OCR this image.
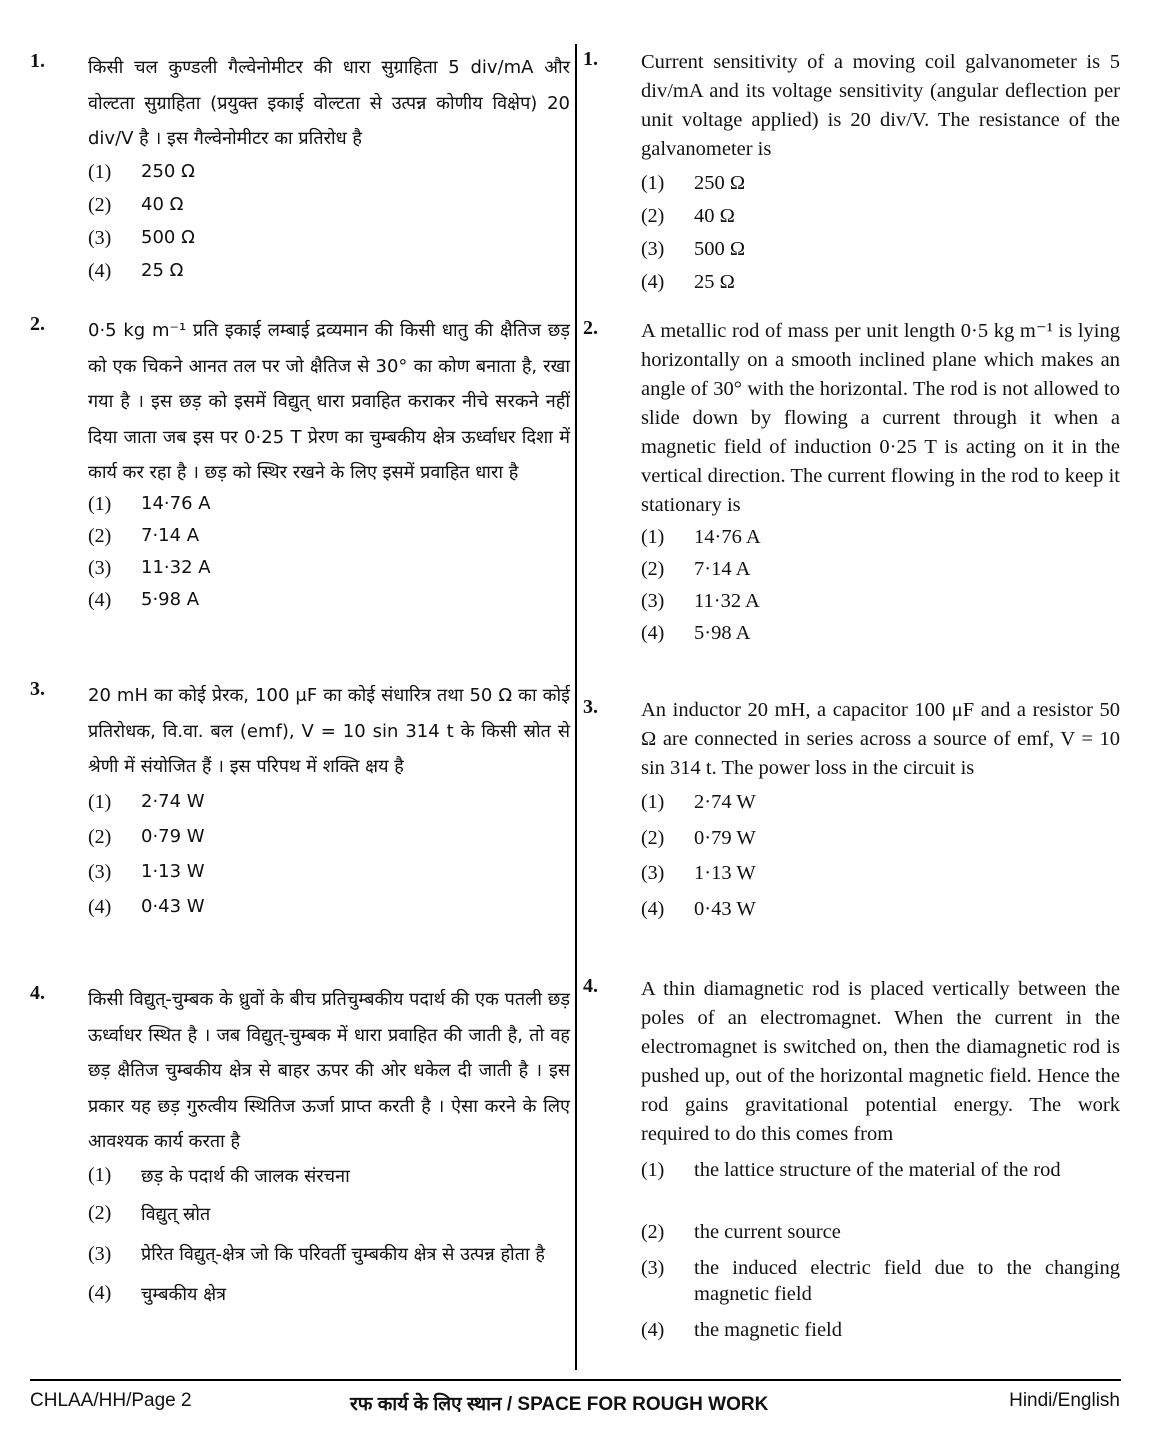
1. किसी चल कुण्डली गैल्वेनोमीटर की धारा सुग्राहिता 5 div/mA और वोल्टता सुग्राहिता (प्रयुक्त इकाई वोल्टता से उत्पन्न कोणीय विक्षेप) 20 div/V है । इस गैल्वेनोमीटर का प्रतिरोध है
(1)	250 Ω
(2)	40 Ω
(3)	500 Ω
(4)	25 Ω
2. 0·5 kg m⁻¹ प्रति इकाई लम्बाई द्रव्यमान की किसी धातु की क्षैतिज छड़ को एक चिकने आनत तल पर जो क्षैतिज से 30° का कोण बनाता है, रखा गया है । इस छड़ को इसमें विद्युत् धारा प्रवाहित कराकर नीचे सरकने नहीं दिया जाता जब इस पर 0·25 T प्रेरण का चुम्बकीय क्षेत्र ऊर्ध्वाधर दिशा में कार्य कर रहा है । छड़ को स्थिर रखने के लिए इसमें प्रवाहित धारा है
(1)	14·76 A
(2)	7·14 A
(3)	11·32 A
(4)	5·98 A
3. 20 mH का कोई प्रेरक, 100 μF का कोई संधारित्र तथा 50 Ω का कोई प्रतिरोधक, वि.वा. बल (emf), V = 10 sin 314 t के किसी स्रोत से श्रेणी में संयोजित हैं । इस परिपथ में शक्ति क्षय है
(1)	2·74 W
(2)	0·79 W
(3)	1·13 W
(4)	0·43 W
4. किसी विद्युत्-चुम्बक के ध्रुवों के बीच प्रतिचुम्बकीय पदार्थ की एक पतली छड़ ऊर्ध्वाधर स्थित है । जब विद्युत्-चुम्बक में धारा प्रवाहित की जाती है, तो वह छड़ क्षैतिज चुम्बकीय क्षेत्र से बाहर ऊपर की ओर धकेल दी जाती है । इस प्रकार यह छड़ गुरुत्वीय स्थितिज ऊर्जा प्राप्त करती है । ऐसा करने के लिए आवश्यक कार्य करता है
(1)	छड़ के पदार्थ की जालक संरचना
(2)	विद्युत् स्रोत
(3)	प्रेरित विद्युत्-क्षेत्र जो कि परिवर्ती चुम्बकीय क्षेत्र से उत्पन्न होता है
(4)	चुम्बकीय क्षेत्र
1. Current sensitivity of a moving coil galvanometer is 5 div/mA and its voltage sensitivity (angular deflection per unit voltage applied) is 20 div/V. The resistance of the galvanometer is
(1)	250 Ω
(2)	40 Ω
(3)	500 Ω
(4)	25 Ω
2. A metallic rod of mass per unit length 0·5 kg m⁻¹ is lying horizontally on a smooth inclined plane which makes an angle of 30° with the horizontal. The rod is not allowed to slide down by flowing a current through it when a magnetic field of induction 0·25 T is acting on it in the vertical direction. The current flowing in the rod to keep it stationary is
(1)	14·76 A
(2)	7·14 A
(3)	11·32 A
(4)	5·98 A
3. An inductor 20 mH, a capacitor 100 μF and a resistor 50 Ω are connected in series across a source of emf, V = 10 sin 314 t. The power loss in the circuit is
(1)	2·74 W
(2)	0·79 W
(3)	1·13 W
(4)	0·43 W
4. A thin diamagnetic rod is placed vertically between the poles of an electromagnet. When the current in the electromagnet is switched on, then the diamagnetic rod is pushed up, out of the horizontal magnetic field. Hence the rod gains gravitational potential energy. The work required to do this comes from
(1)	the lattice structure of the material of the rod
(2)	the current source
(3)	the induced electric field due to the changing magnetic field
(4)	the magnetic field
CHLAA/HH/Page 2	रफ कार्य के लिए स्थान / SPACE FOR ROUGH WORK	Hindi/English
